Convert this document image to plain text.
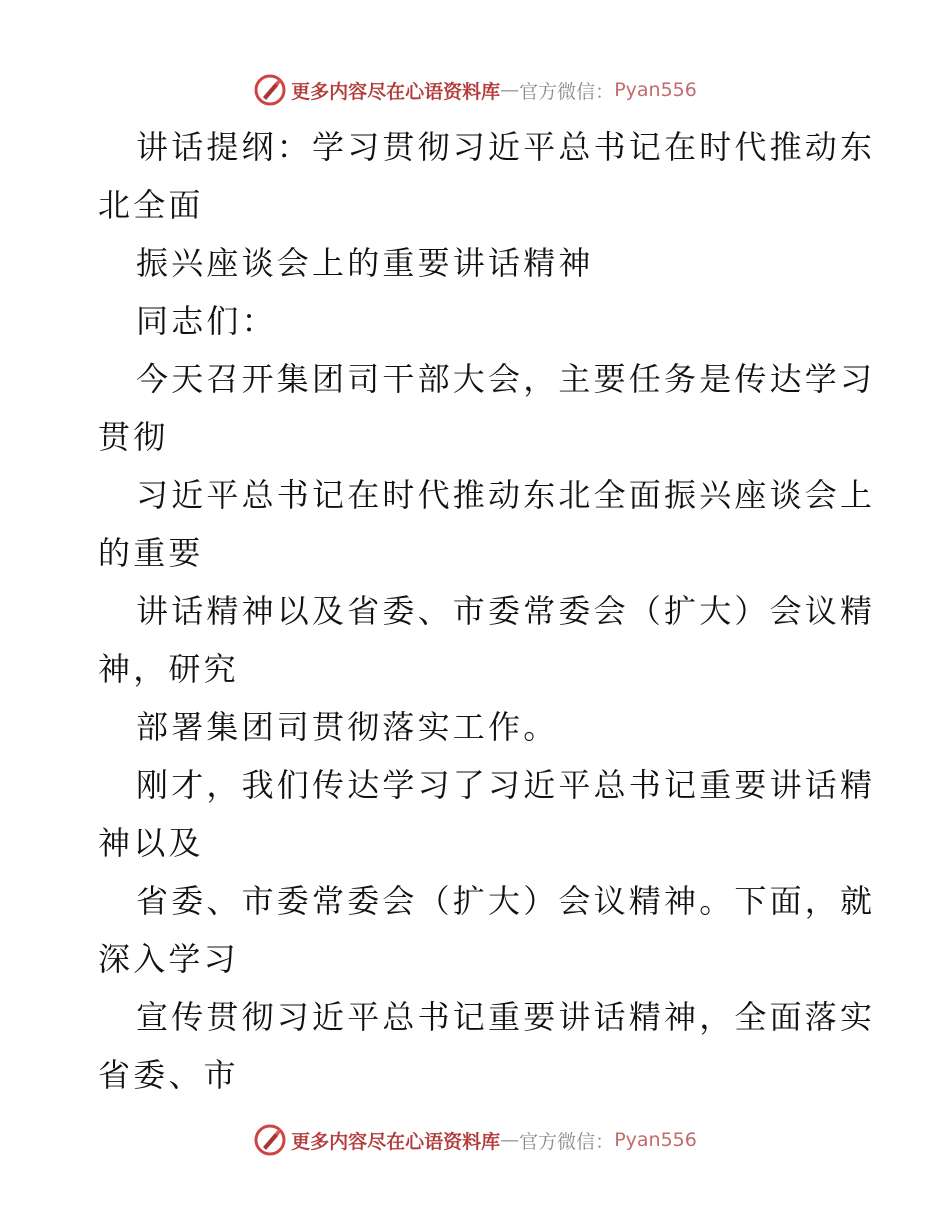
更多内容尽在心语资料库 — 官方微信： Pyan556
讲话提纲：学习贯彻习近平总书记在时代推动东
北全面
振兴座谈会上的重要讲话精神
同志们：
今天召开集团司干部大会，主要任务是传达学习
贯彻
习近平总书记在时代推动东北全面振兴座谈会上
的重要
讲话精神以及省委、市委常委会（扩大）会议精
神，研究
部署集团司贯彻落实工作。
刚才，我们传达学习了习近平总书记重要讲话精
神以及
省委、市委常委会（扩大）会议精神。下面，就
深入学习
宣传贯彻习近平总书记重要讲话精神，全面落实
省委、市
更多内容尽在心语资料库 — 官方微信： Pyan556
